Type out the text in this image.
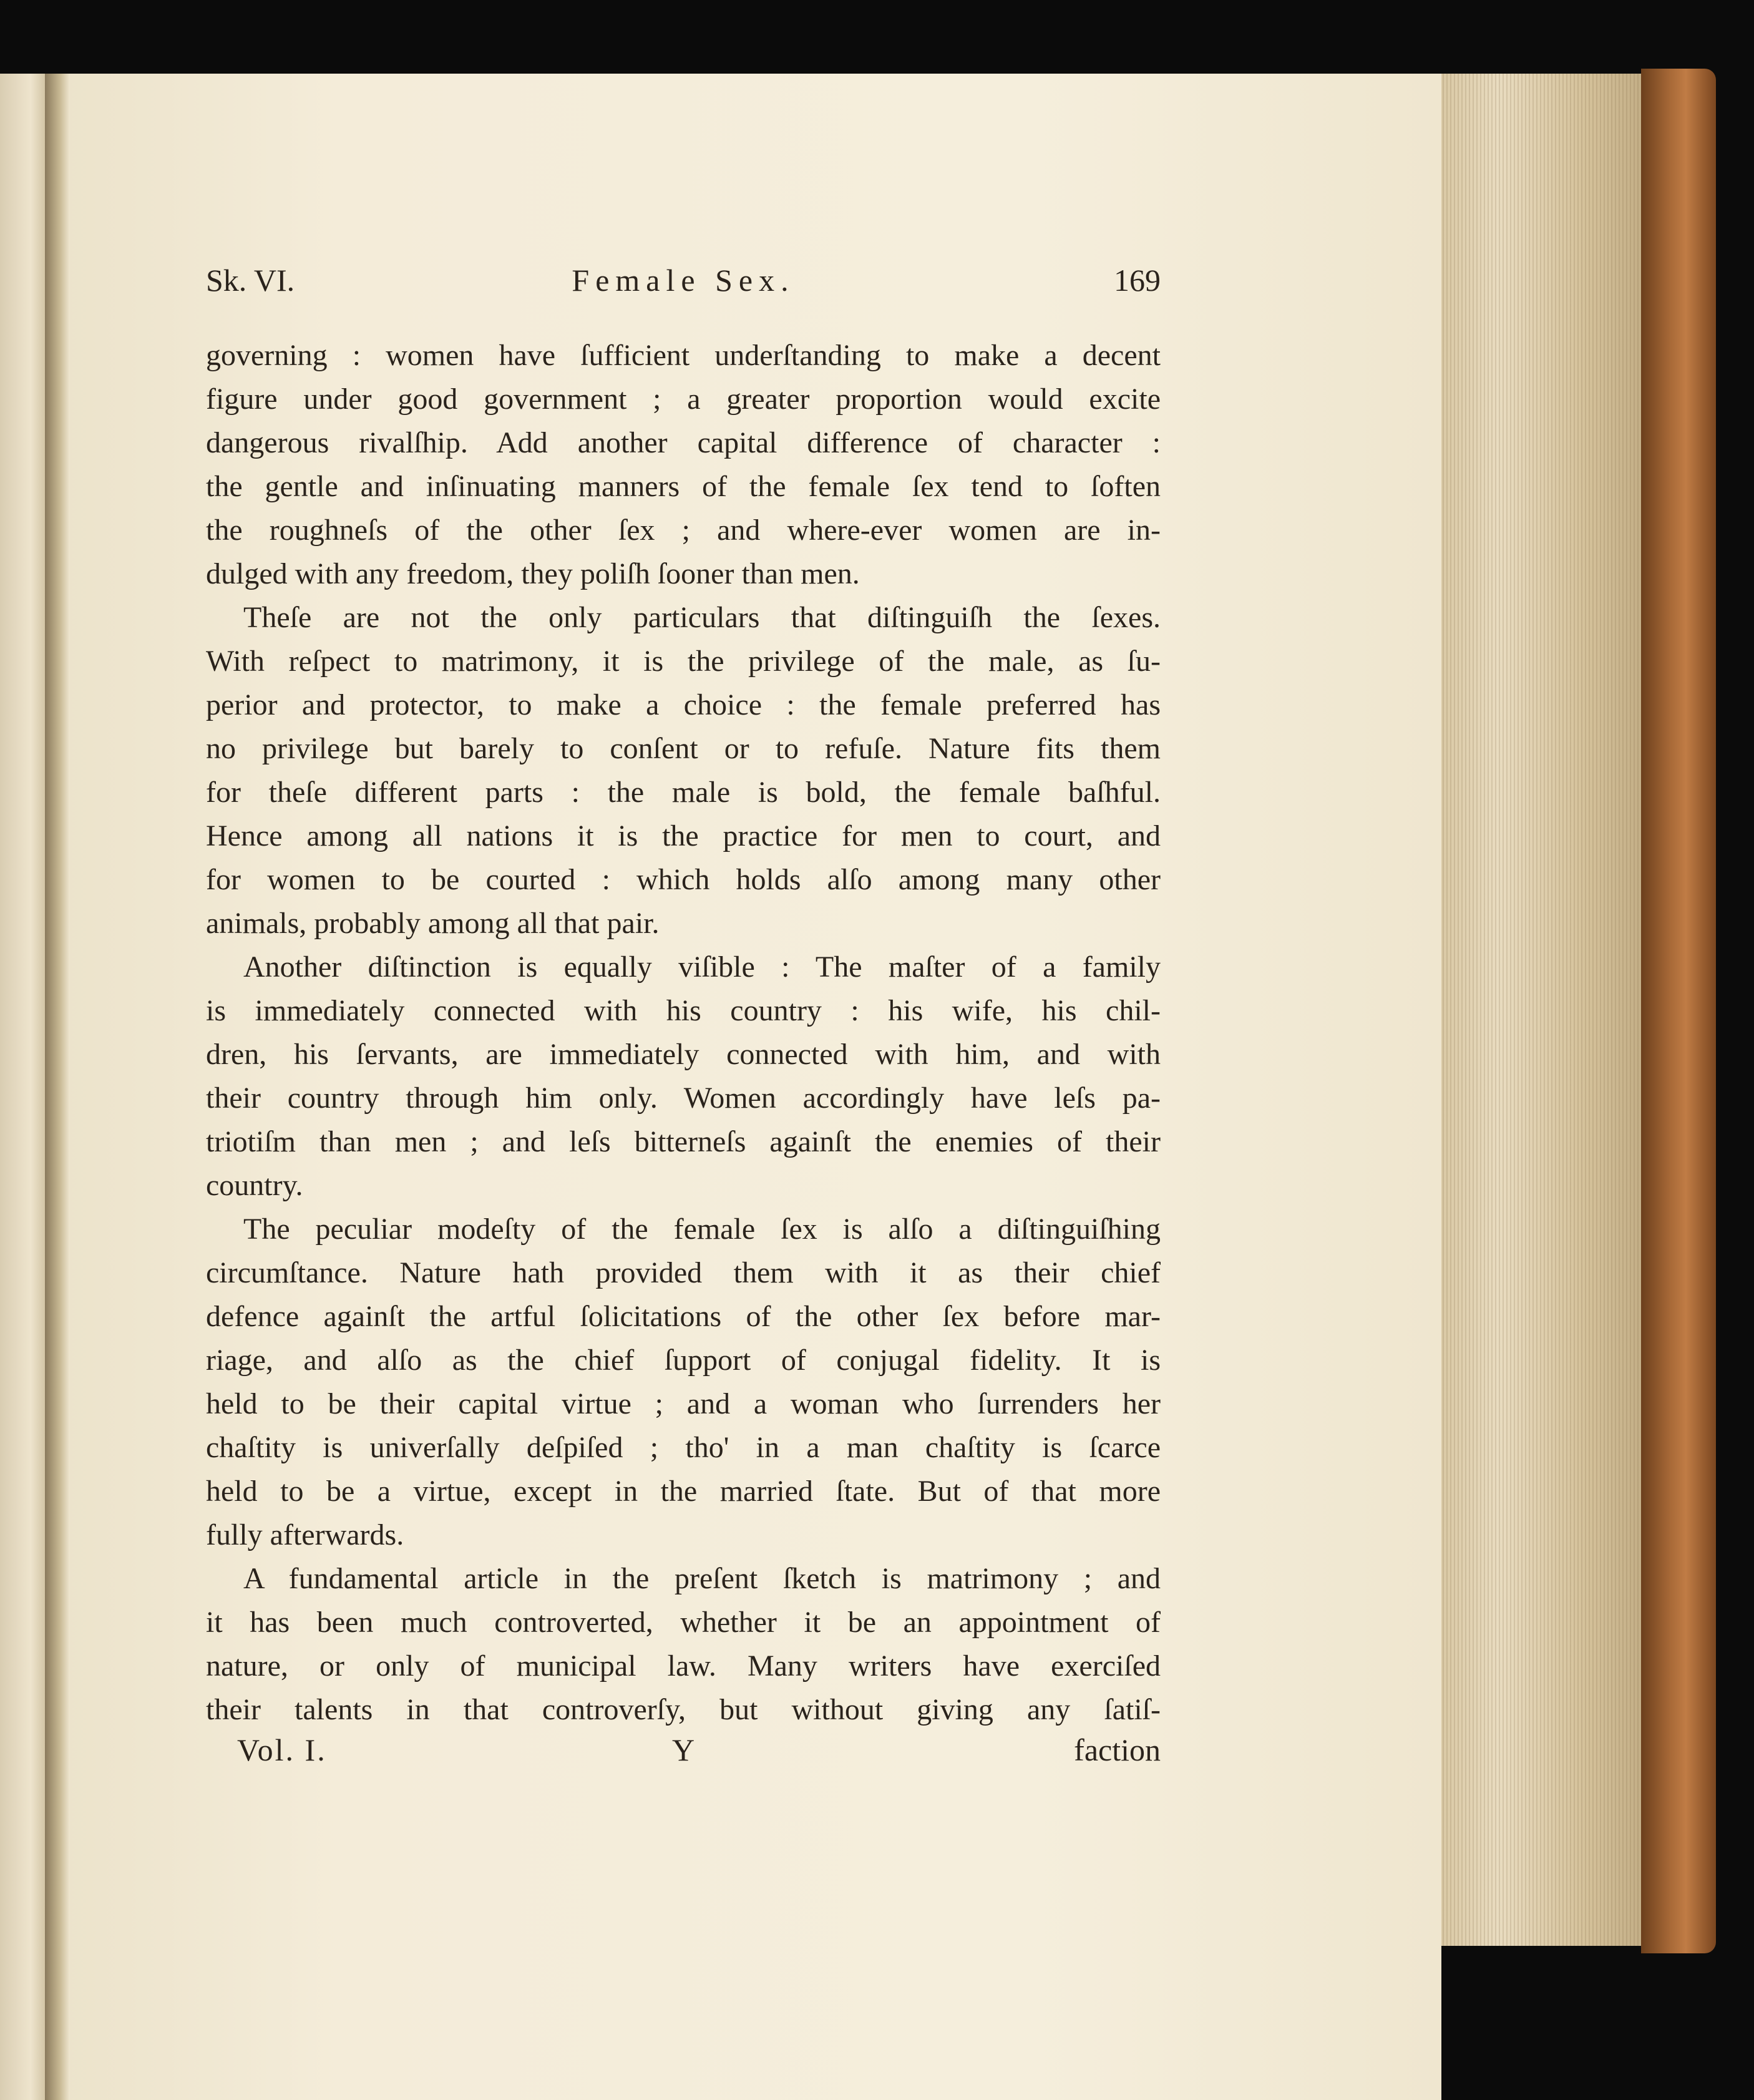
Sk. VI.	Female Sex.	169
governing : women have ſufficient underſtanding to make a decent
figure under good government ; a greater proportion would excite
dangerous rivalſhip. Add another capital difference of character :
the gentle and inſinuating manners of the female ſex tend to ſoften
the roughneſs of the other ſex ; and where-ever women are in-
dulged with any freedom, they poliſh ſooner than men.
Theſe are not the only particulars that diſtinguiſh the ſexes.
With reſpect to matrimony, it is the privilege of the male, as ſu-
perior and protector, to make a choice : the female preferred has
no privilege but barely to conſent or to refuſe. Nature fits them
for theſe different parts : the male is bold, the female baſhful.
Hence among all nations it is the practice for men to court, and
for women to be courted : which holds alſo among many other
animals, probably among all that pair.
Another diſtinction is equally viſible : The maſter of a family
is immediately connected with his country : his wife, his chil-
dren, his ſervants, are immediately connected with him, and with
their country through him only. Women accordingly have leſs pa-
triotiſm than men ; and leſs bitterneſs againſt the enemies of their
country.
The peculiar modeſty of the female ſex is alſo a diſtinguiſhing
circumſtance. Nature hath provided them with it as their chief
defence againſt the artful ſolicitations of the other ſex before mar-
riage, and alſo as the chief ſupport of conjugal fidelity. It is
held to be their capital virtue ; and a woman who ſurrenders her
chaſtity is univerſally deſpiſed ; tho' in a man chaſtity is ſcarce
held to be a virtue, except in the married ſtate. But of that more
fully afterwards.
A fundamental article in the preſent ſketch is matrimony ; and
it has been much controverted, whether it be an appointment of
nature, or only of municipal law. Many writers have exerciſed
their talents in that controverſy, but without giving any ſatiſ-
Vol. I.	Y	faction
